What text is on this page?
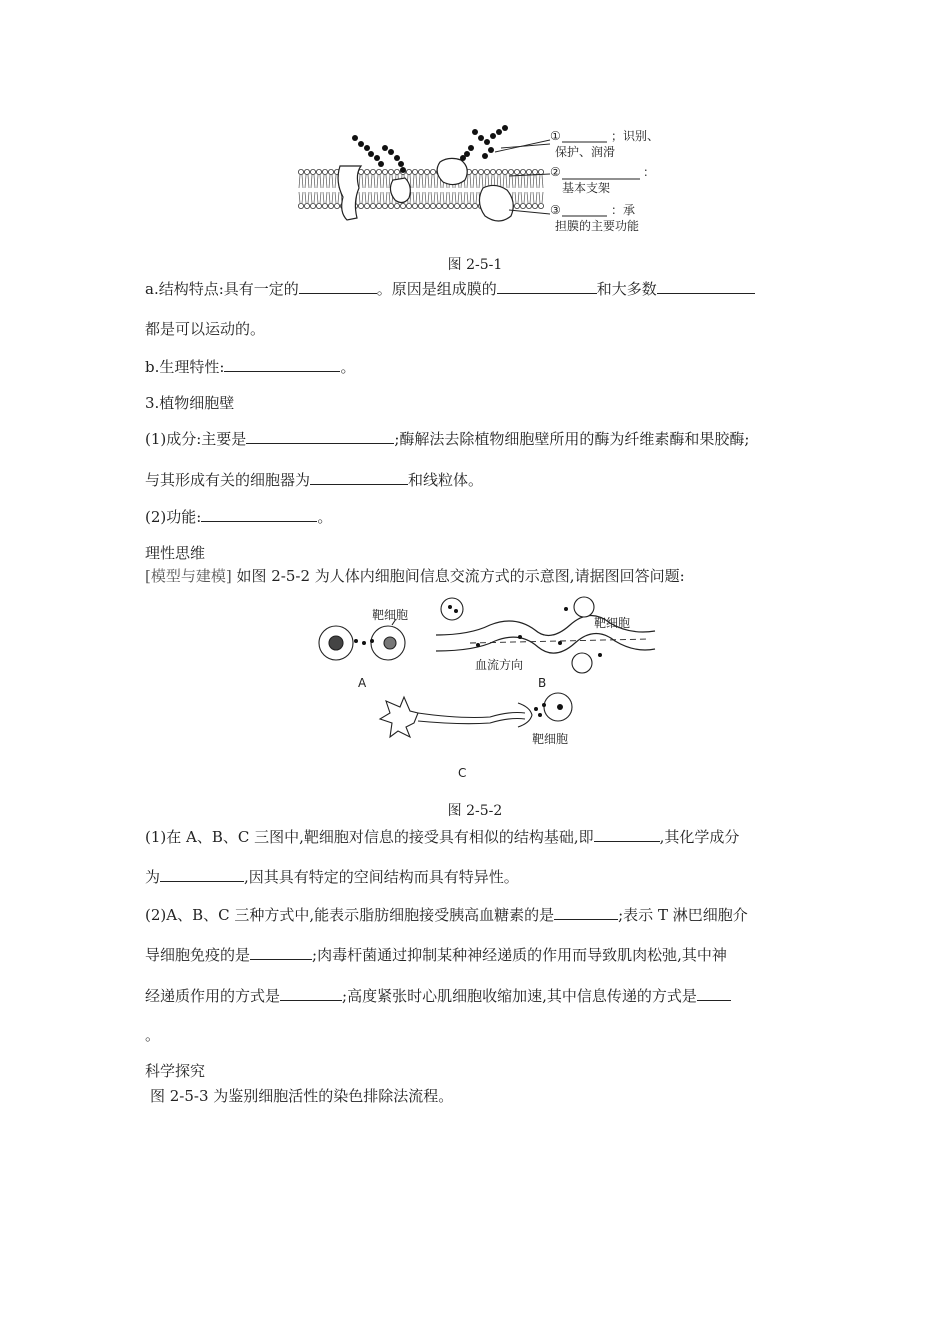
①	；识别、
保护、润滑
②	：
基本支架
③	：承
担膜的主要功能
图 2-5-1
a.结构特点:具有一定的	。原因是组成膜的	和大多数
都是可以运动的。
b.生理特性:	。
3.植物细胞壁
(1)成分:主要是	;酶解法去除植物细胞壁所用的酶为纤维素酶和果胶酶;
与其形成有关的细胞器为	和线粒体。
(2)功能:	。
理性思维
[模型与建模] 如图 2-5-2 为人体内细胞间信息交流方式的示意图,请据图回答问题:
靶细胞
A
靶细胞
血流方向
B
靶细胞
C
图 2-5-2
(1)在 A、B、C 三图中,靶细胞对信息的接受具有相似的结构基础,即	,其化学成分
为	,因其具有特定的空间结构而具有特异性。
(2)A、B、C 三种方式中,能表示脂肪细胞接受胰高血糖素的是	;表示 T 淋巴细胞介
导细胞免疫的是	;肉毒杆菌通过抑制某种神经递质的作用而导致肌肉松弛,其中神
经递质作用的方式是	;高度紧张时心肌细胞收缩加速,其中信息传递的方式是
。
科学探究
图 2-5-3 为鉴别细胞活性的染色排除法流程。
